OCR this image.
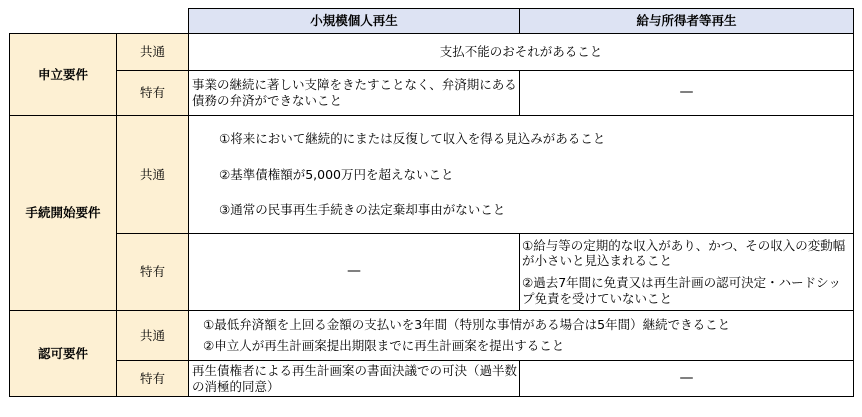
		小規模個人再生	給与所得者等再生
申立要件	共通	支払不能のおそれがあること	
	特有	事業の継続に著しい支障をきたすことなく、弁済期にある債務の弁済ができないこと	—
手続開始要件	共通	①将来において継続的にまたは反復して収入を得る見込みがあること
②基準債権額が5,000万円を超えないこと
③通常の民事再生手続きの法定棄却事由がないこと	

	特有	—	①給与等の定期的な収入があり、かつ、その収入の変動幅が小さいと見込まれること
②過去7年間に免責又は再生計画の認可決定・ハードシップ免責を受けていないこと

認可要件	共通	①最低弁済額を上回る金額の支払いを3年間（特別な事情がある場合は5年間）継続できること
②申立人が再生計画案提出期限までに再生計画案を提出すること	

	特有	再生債権者による再生計画案の書面決議での可決（過半数の消極的同意）	—
